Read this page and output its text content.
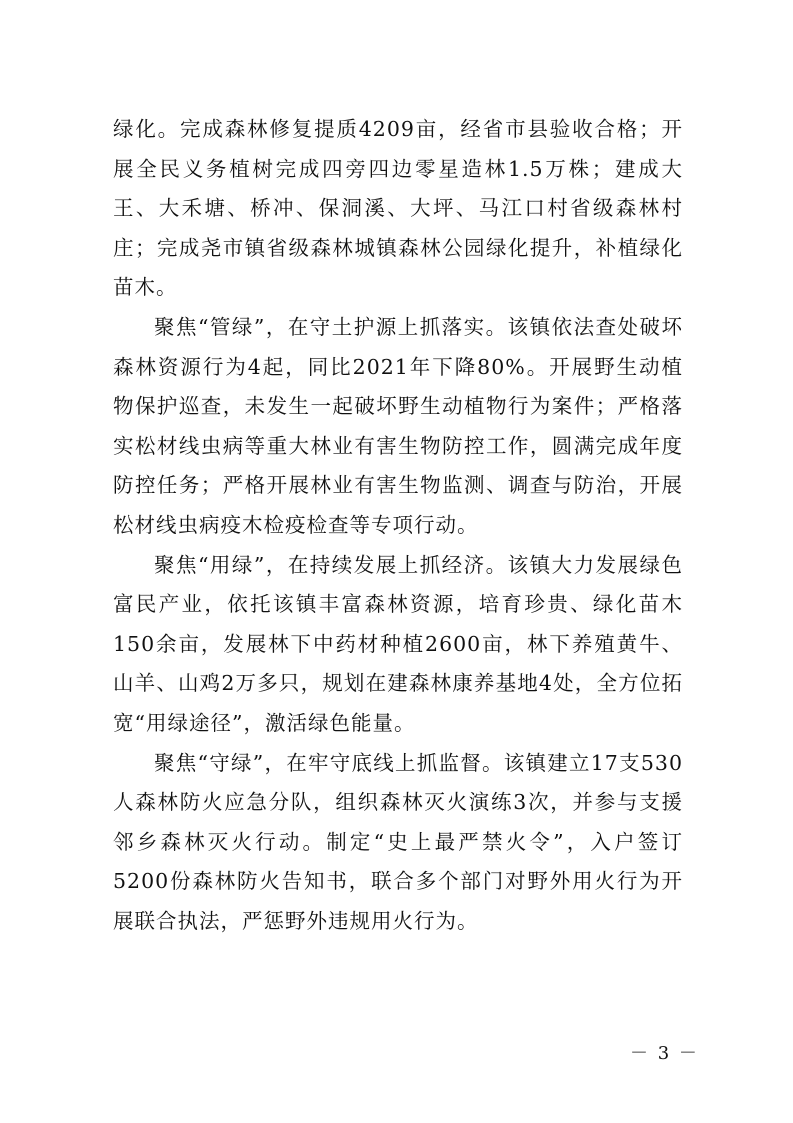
绿化。完成森林修复提质4209亩，经省市县验收合格；开展全民义务植树完成四旁四边零星造林1.5万株；建成大王、大禾塘、桥冲、保洞溪、大坪、马江口村省级森林村庄；完成尧市镇省级森林城镇森林公园绿化提升，补植绿化苗木。

聚焦“管绿”，在守土护源上抓落实。该镇依法查处破坏森林资源行为4起，同比2021年下降80%。开展野生动植物保护巡查，未发生一起破坏野生动植物行为案件；严格落实松材线虫病等重大林业有害生物防控工作，圆满完成年度防控任务；严格开展林业有害生物监测、调查与防治，开展松材线虫病疫木检疫检查等专项行动。

聚焦“用绿”，在持续发展上抓经济。该镇大力发展绿色富民产业，依托该镇丰富森林资源，培育珍贵、绿化苗木150余亩，发展林下中药材种植2600亩，林下养殖黄牛、山羊、山鸡2万多只，规划在建森林康养基地4处，全方位拓宽“用绿途径”，激活绿色能量。

聚焦“守绿”，在牢守底线上抓监督。该镇建立17支530人森林防火应急分队，组织森林灭火演练3次，并参与支援邻乡森林灭火行动。制定“史上最严禁火令”，入户签订5200份森林防火告知书，联合多个部门对野外用火行为开展联合执法，严惩野外违规用火行为。

－ 3 －
